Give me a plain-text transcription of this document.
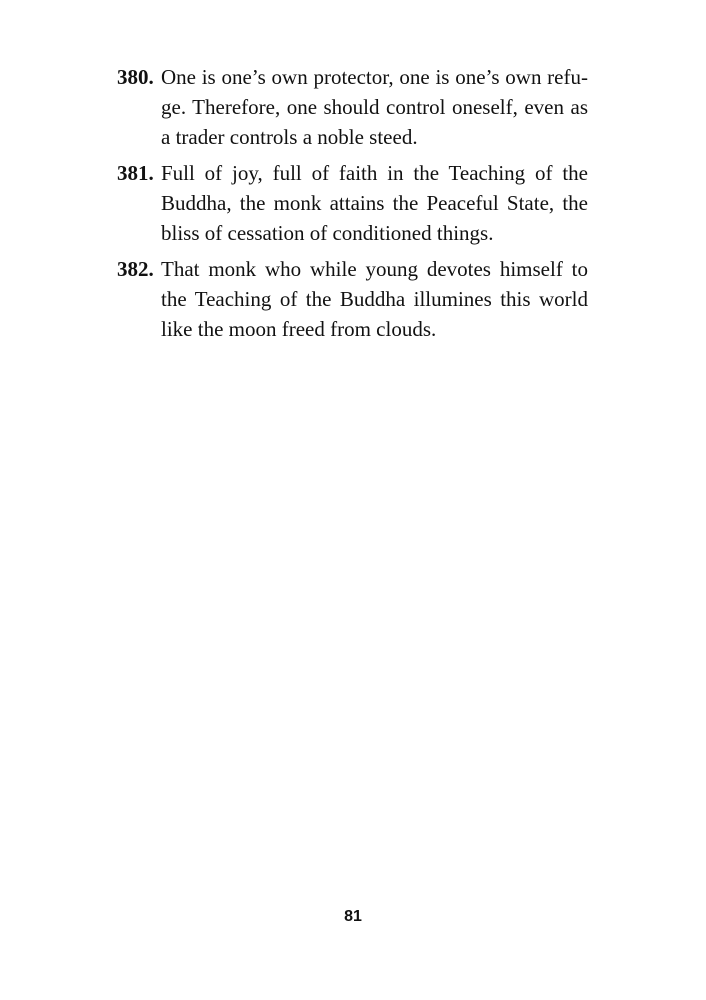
380. One is one’s own protector, one is one’s own refuge. Therefore, one should control oneself, even as a trader controls a noble steed.
381. Full of joy, full of faith in the Teaching of the Buddha, the monk attains the Peaceful State, the bliss of cessation of conditioned things.
382. That monk who while young devotes himself to the Teaching of the Buddha illumines this world like the moon freed from clouds.
81
